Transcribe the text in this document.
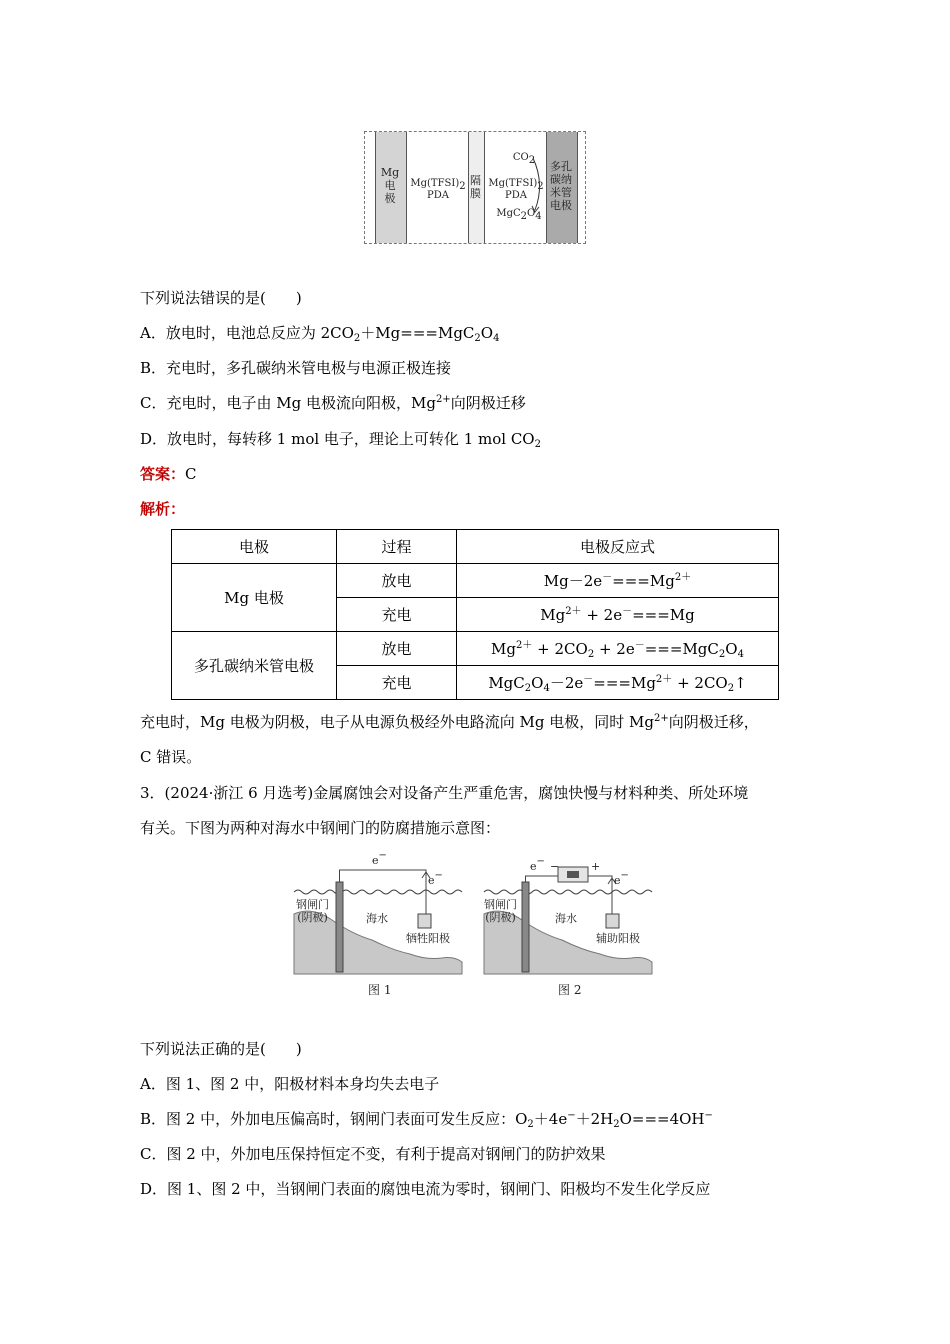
Mg
电
极
$Mg(TFSI)_2$
PDA
隔
膜
$CO_2$
$Mg(TFSI)_2$
PDA
$MgC_2O_4$
多孔
碳纳
米管
电极
下列说法错误的是(　　)
A．放电时，电池总反应为 $2CO_2+Mg===MgC_2O_4$
B．充电时，多孔碳纳米管电极与电源正极连接
C．充电时，电子由 Mg 电极流向阳极，$Mg^{2+}$向阴极迁移
D．放电时，每转移 1 mol 电子，理论上可转化 1 mol $CO_2$
答案：C
解析：
电极	过程	电极反应式
Mg 电极	放电	$Mg-2e^-===Mg^{2+}$
	充电	$Mg^{2+} + 2e^-===Mg$
多孔碳纳米管电极	放电	$Mg^{2+} + 2CO_2 + 2e^-===MgC_2O_4$
	充电	$MgC_2O_4-2e^-===Mg^{2+}$ + $2CO_2↑$
充电时，Mg 电极为阴极，电子从电源负极经外电路流向 Mg 电极，同时 $Mg^{2+}$向阴极迁移，
C 错误。
3．(2024·浙江 6 月选考)金属腐蚀会对设备产生严重危害，腐蚀快慢与材料种类、所处环境
有关。下图为两种对海水中钢闸门的防腐措施示意图：
e−
e−
钢闸门
(阴极)	海水
牺牲阳极
图 1
e− −	+
e−
钢闸门
(阴极)	海水
辅助阳极
图 2
下列说法正确的是(　　)
A．图 1、图 2 中，阳极材料本身均失去电子
B．图 2 中，外加电压偏高时，钢闸门表面可发生反应：$O_2+4e^-+2H_2O===4OH^-$
C．图 2 中，外加电压保持恒定不变，有利于提高对钢闸门的防护效果
D．图 1、图 2 中，当钢闸门表面的腐蚀电流为零时，钢闸门、阳极均不发生化学反应
